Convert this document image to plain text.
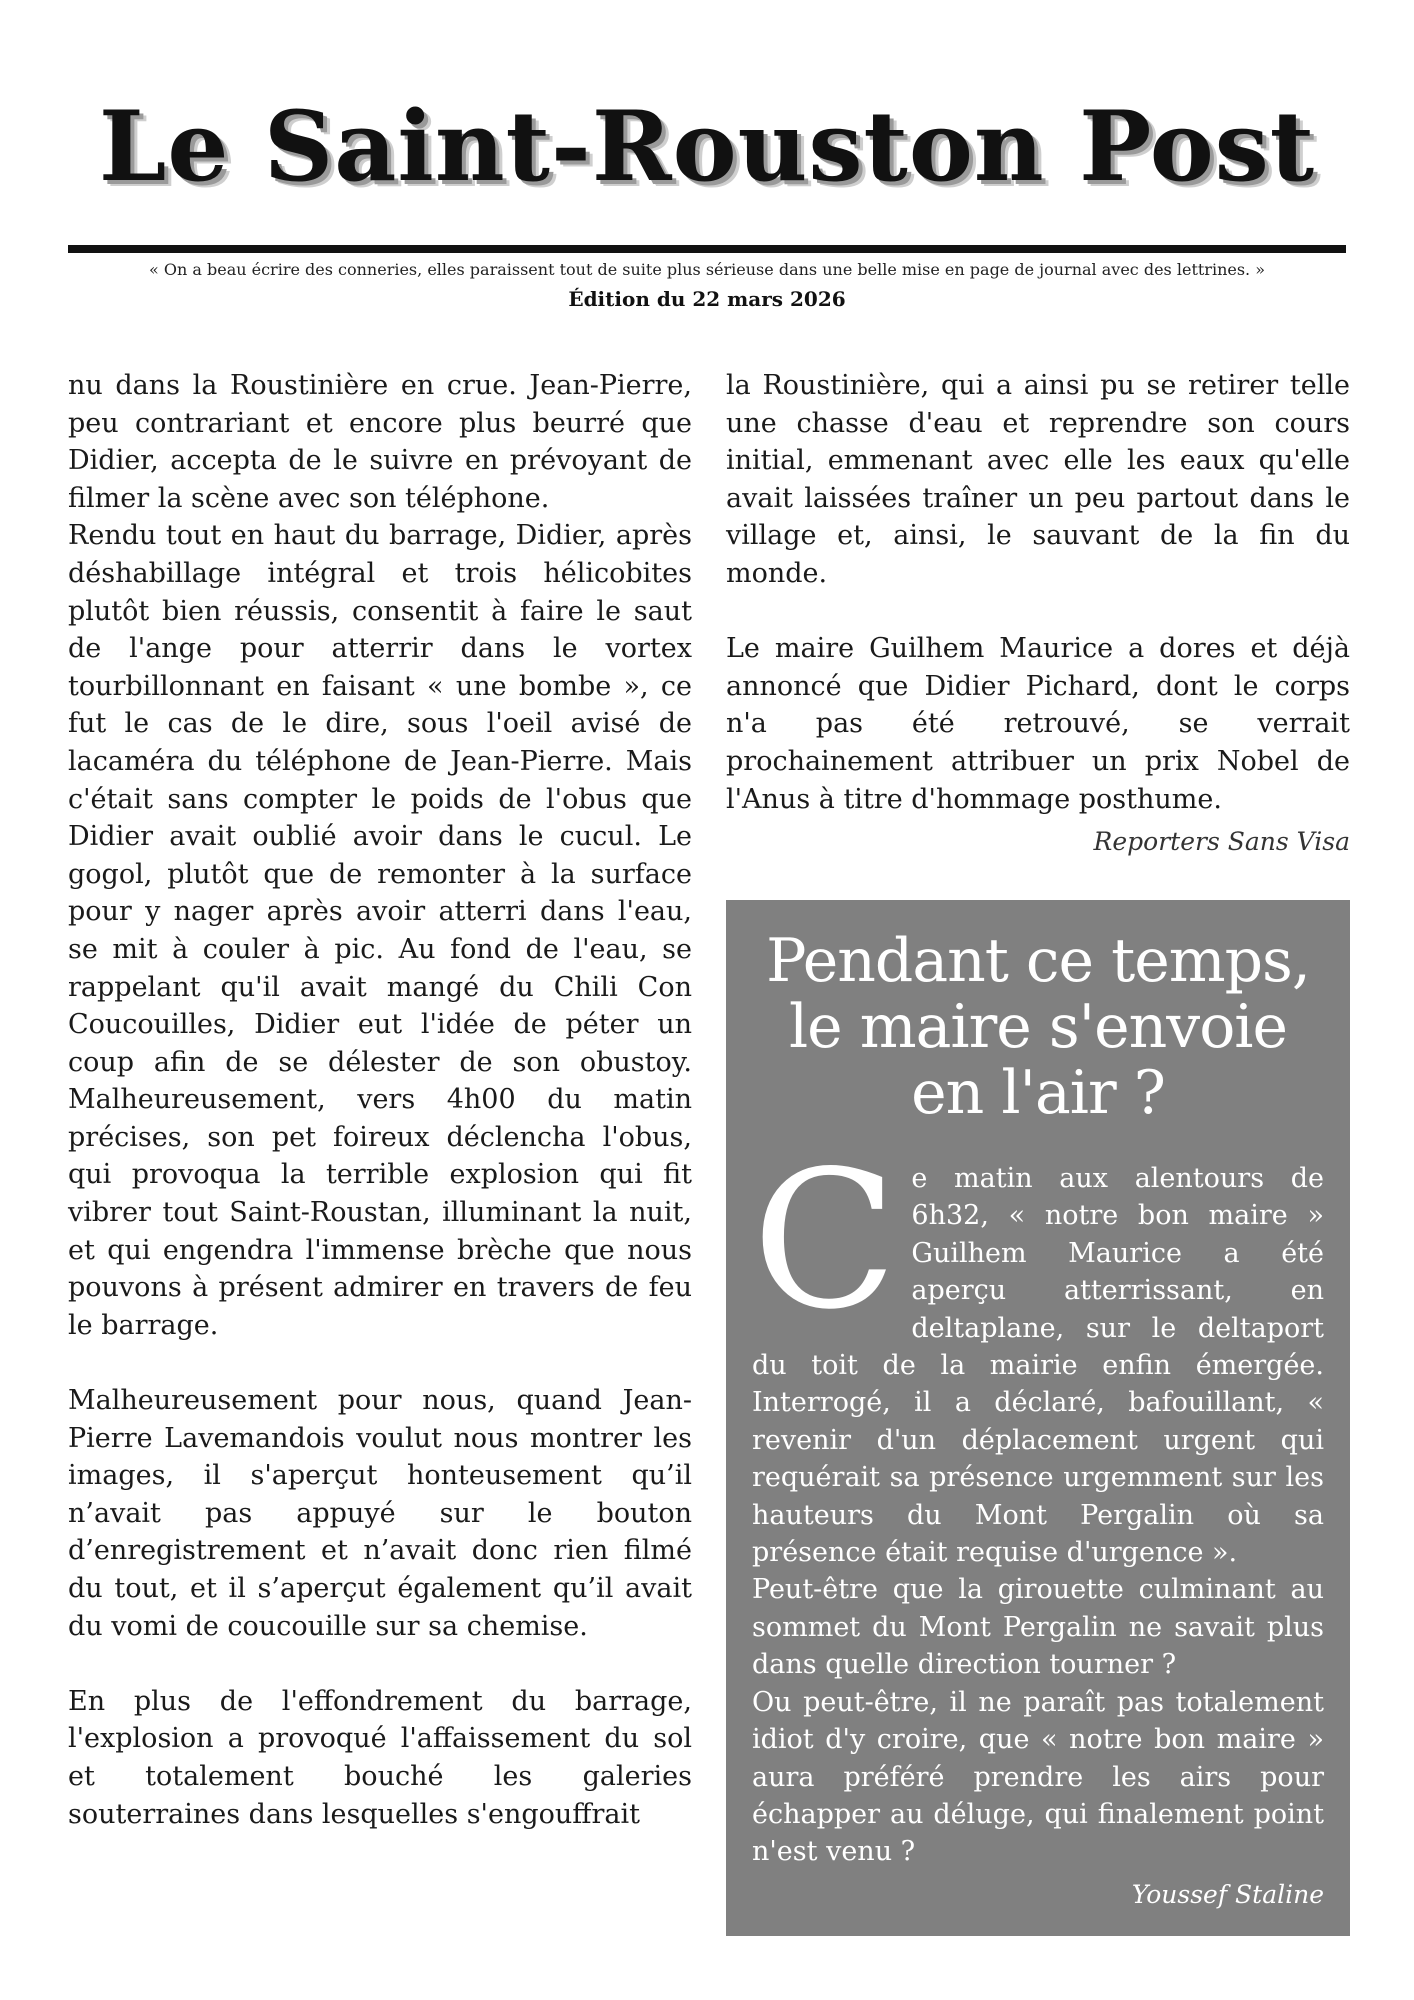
Le Saint-Rouston Post
« On a beau écrire des conneries, elles paraissent tout de suite plus sérieuse dans une belle mise en page de journal avec des lettrines. »
Édition du 22 mars 2026

nu dans la Roustinière en crue. Jean-Pierre, peu contrariant et encore plus beurré que Didier, accepta de le suivre en prévoyant de filmer la scène avec son téléphone.

Rendu tout en haut du barrage, Didier, après déshabillage intégral et trois hélicobites plutôt bien réussis, consentit à faire le saut de l'ange pour atterrir dans le vortex tourbillonnant en faisant « une bombe », ce fut le cas de le dire, sous l'oeil avisé de lacaméra du téléphone de Jean-Pierre. Mais c'était sans compter le poids de l'obus que Didier avait oublié avoir dans le cucul. Le gogol, plutôt que de remonter à la surface pour y nager après avoir atterri dans l'eau, se mit à couler à pic. Au fond de l'eau, se rappelant qu'il avait mangé du Chili Con Coucouilles, Didier eut l'idée de péter un coup afin de se délester de son obustoy. Malheureusement, vers 4h00 du matin précises, son pet foireux déclencha l'obus, qui provoqua la terrible explosion qui fit vibrer tout Saint-Roustan, illuminant la nuit, et qui engendra l'immense brèche que nous pouvons à présent admirer en travers de feu le barrage.

Malheureusement pour nous, quand Jean-Pierre Lavemandois voulut nous montrer les images, il s'aperçut honteusement qu’il n’avait pas appuyé sur le bouton d’enregistrement et n’avait donc rien filmé du tout, et il s’aperçut également qu’il avait du vomi de coucouille sur sa chemise.

En plus de l'effondrement du barrage, l'explosion a provoqué l'affaissement du sol et totalement bouché les galeries souterraines dans lesquelles s'engouffrait

la Roustinière, qui a ainsi pu se retirer telle une chasse d'eau et reprendre son cours initial, emmenant avec elle les eaux qu'elle avait laissées traîner un peu partout dans le village et, ainsi, le sauvant de la fin du monde.

Le maire Guilhem Maurice a dores et déjà annoncé que Didier Pichard, dont le corps n'a pas été retrouvé, se verrait prochainement attribuer un prix Nobel de l'Anus à titre d'hommage posthume.

Reporters Sans Visa
Pendant ce temps, le maire s'envoie en l'air ?
C e matin aux alentours de 6h32, « notre bon maire » Guilhem Maurice a été aperçu atterrissant, en deltaplane, sur le deltaport du toit de la mairie enfin émergée. Interrogé, il a déclaré, bafouillant, « revenir d'un déplacement urgent qui requérait sa présence urgemment sur les hauteurs du Mont Pergalin où sa présence était requise d'urgence ».

Peut-être que la girouette culminant au sommet du Mont Pergalin ne savait plus dans quelle direction tourner ?

Ou peut-être, il ne paraît pas totalement idiot d'y croire, que « notre bon maire » aura préféré prendre les airs pour échapper au déluge, qui finalement point n'est venu ?

Youssef Staline
